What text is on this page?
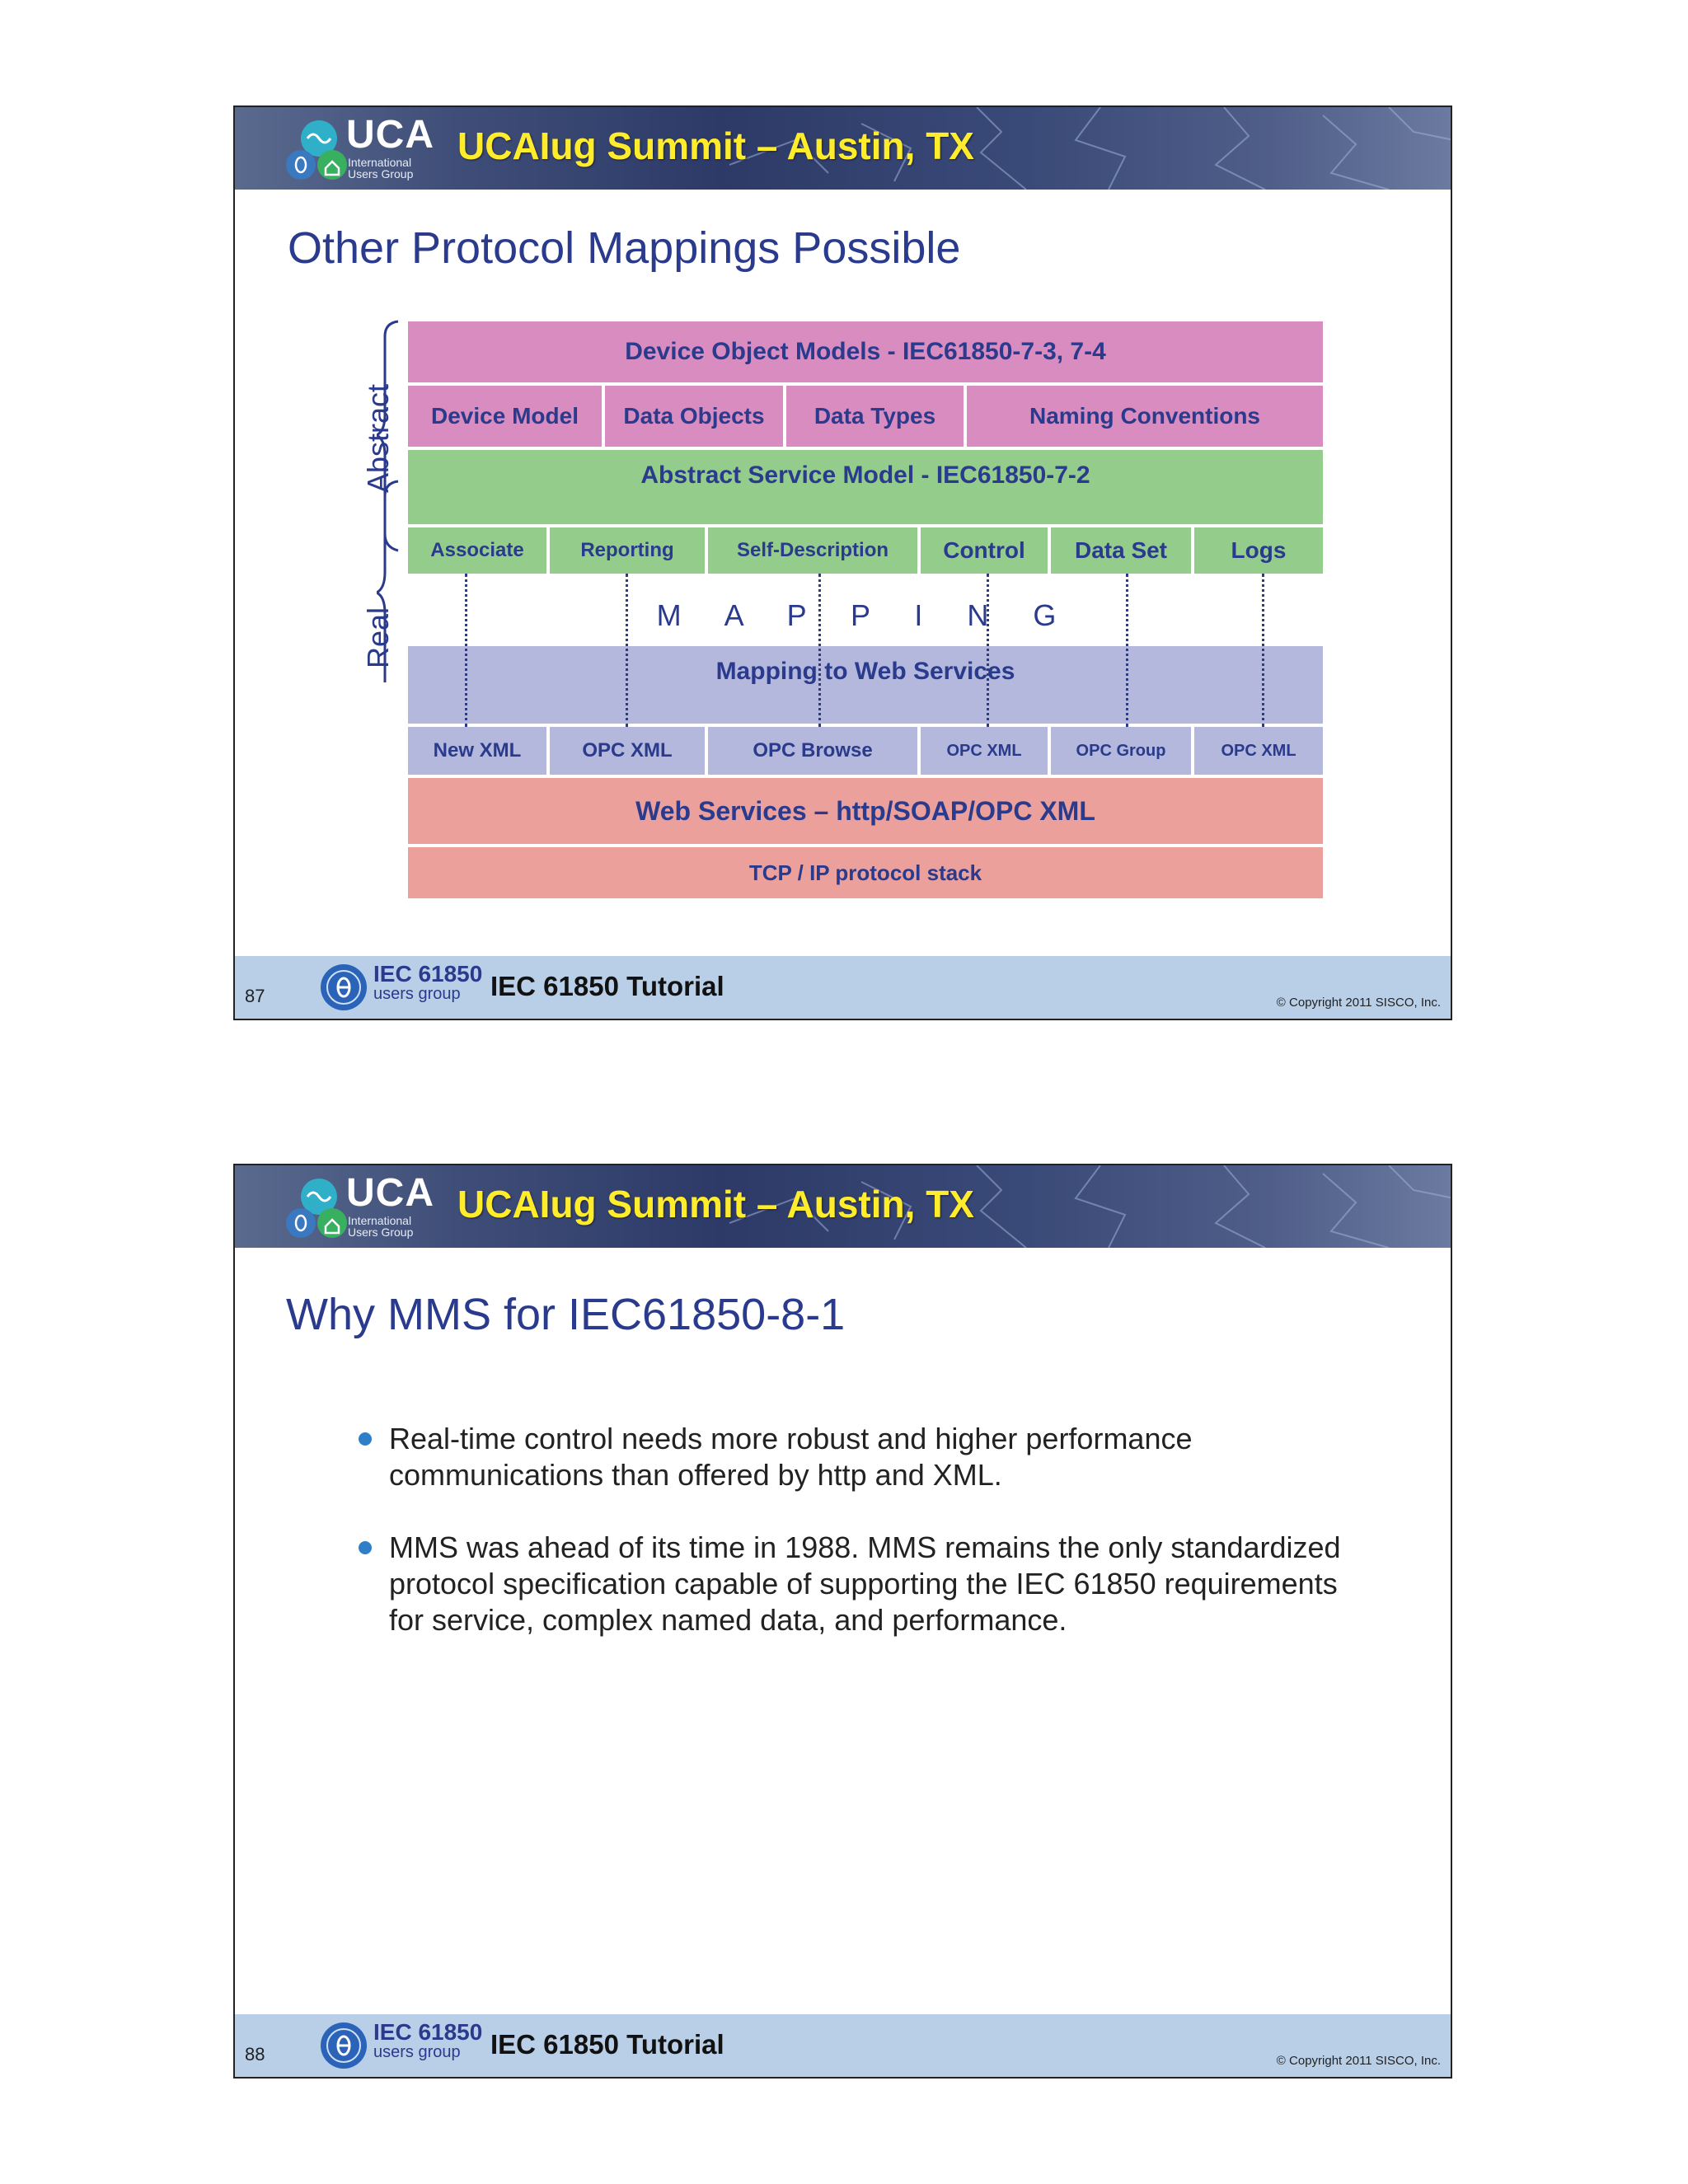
UCA
International
Users Group
UCAIug Summit – Austin, TX
Other Protocol Mappings Possible
Abstract
Real
Device Object Models - IEC61850-7-3, 7-4
Device Model	Data Objects	Data Types	Naming Conventions
Abstract Service Model - IEC61850-7-2
Associate	Reporting	Self-Description	Control	Data Set	Logs
M A P P I N G
Mapping to Web Services
New XML	OPC XML	OPC Browse	OPC XML	OPC Group	OPC XML
Web Services – http/SOAP/OPC XML
TCP / IP protocol stack
87
IEC 61850
users group IEC 61850 Tutorial
© Copyright 2011 SISCO, Inc.
UCA
International
Users Group
UCAIug Summit – Austin, TX
Why MMS for IEC61850-8-1
Real-time control needs more robust and higher performance
communications than offered by http and XML.
MMS was ahead of its time in 1988. MMS remains the only standardized
protocol specification capable of supporting the IEC 61850 requirements
for service, complex named data, and performance.
88
IEC 61850
users group IEC 61850 Tutorial
© Copyright 2011 SISCO, Inc.
